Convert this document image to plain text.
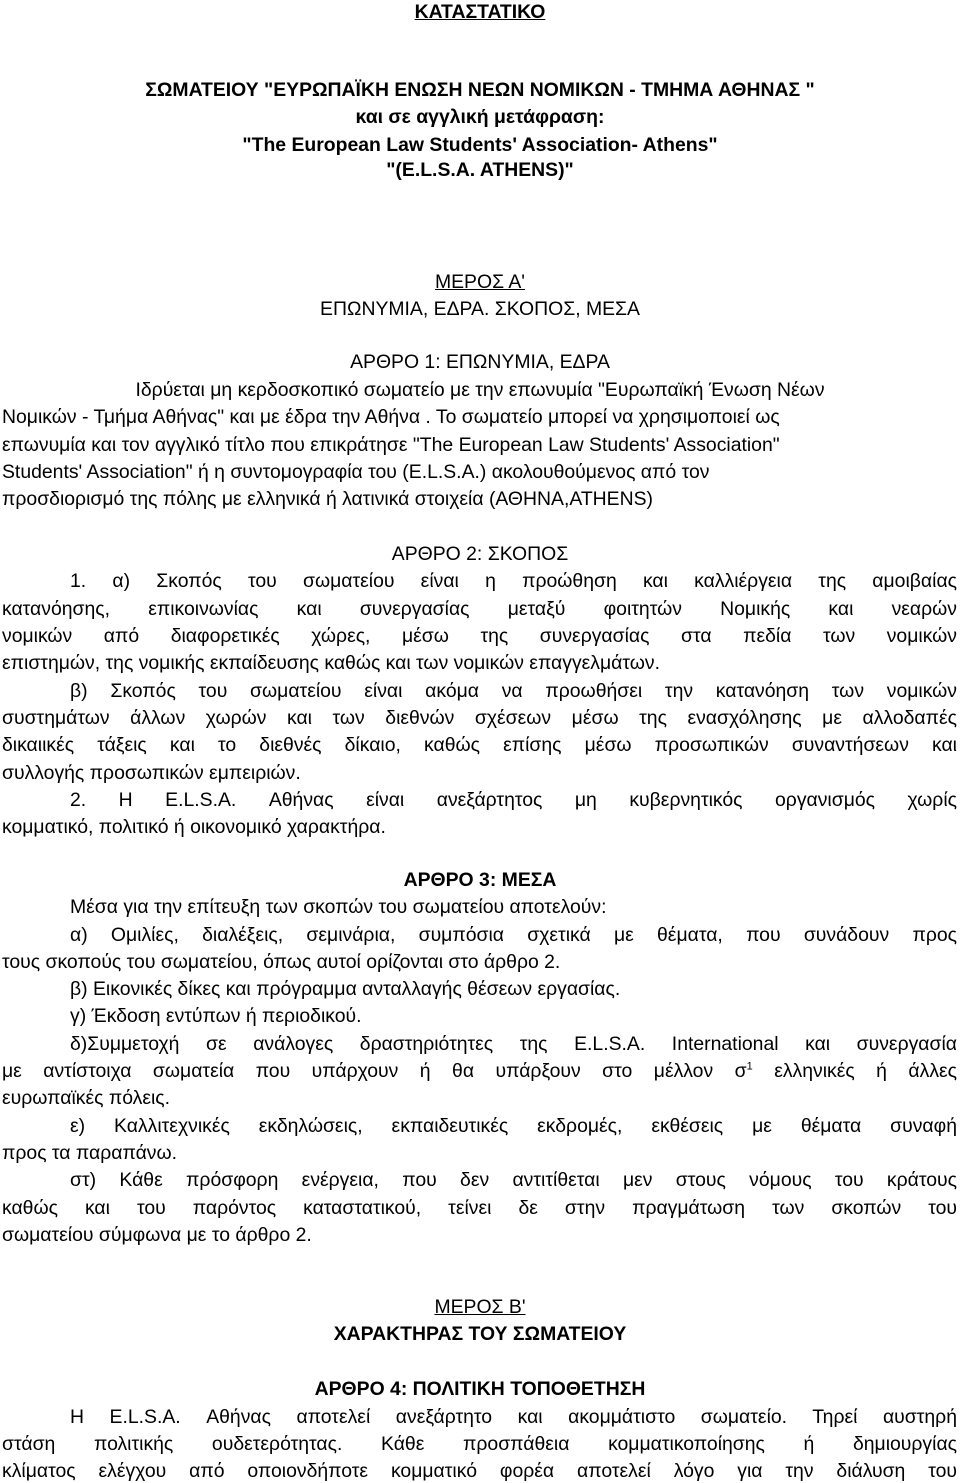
ΚΑΤΑΣΤΑΤΙΚΟ
ΣΩΜΑΤΕΙΟΥ "ΕΥΡΩΠΑΪΚΗ ΕΝΩΣΗ ΝΕΩΝ ΝΟΜΙΚΩΝ - ΤΜΗΜΑ ΑΘΗΝΑΣ "
και σε αγγλική μετάφραση:
"The European Law Students' Association- Athens"
"(E.L.S.A. ATHENS)"
ΜΕΡΟΣ Α'
ΕΠΩΝΥΜΙΑ, ΕΔΡΑ. ΣΚΟΠΟΣ, ΜΕΣΑ
ΑΡΘΡΟ 1: ΕΠΩΝΥΜΙΑ, ΕΔΡΑ
Ιδρύεται μη κερδοσκοπικό σωματείο με την επωνυμία "Ευρωπαϊκή Ένωση Νέων
Νομικών - Τμήμα Αθήνας" και με έδρα την Αθήνα . Το σωματείο μπορεί να χρησιμοποιεί ως
επωνυμία και τον αγγλικό τίτλο που επικράτησε "The European Law Students' Association"
Students' Association" ή η συντομογραφία του (E.L.S.A.) ακολουθούμενος από τον
προσδιορισμό της πόλης με ελληνικά ή λατινικά στοιχεία (ΑΘΗΝΑ,ATHENS)
ΑΡΘΡΟ 2: ΣΚΟΠΟΣ
1. α) Σκοπός του σωματείου είναι η προώθηση και καλλιέργεια της αμοιβαίας
κατανόησης, επικοινωνίας και συνεργασίας μεταξύ φοιτητών Νομικής και νεαρών
νομικών από διαφορετικές χώρες, μέσω της συνεργασίας στα πεδία των νομικών
επιστημών, της νομικής εκπαίδευσης καθώς και των νομικών επαγγελμάτων.
β) Σκοπός του σωματείου είναι ακόμα να προωθήσει την κατανόηση των νομικών
συστημάτων άλλων χωρών και των διεθνών σχέσεων μέσω της ενασχόλησης με αλλοδαπές
δικαιικές τάξεις και το διεθνές δίκαιο, καθώς επίσης μέσω προσωπικών συναντήσεων και
συλλογής προσωπικών εμπειριών.
2. Η E.L.S.A. Αθήνας είναι ανεξάρτητος μη κυβερνητικός οργανισμός χωρίς
κομματικό, πολιτικό ή οικονομικό χαρακτήρα.
ΑΡΘΡΟ 3: ΜΕΣΑ
Μέσα για την επίτευξη των σκοπών του σωματείου αποτελούν:
α) Ομιλίες, διαλέξεις, σεμινάρια, συμπόσια σχετικά με θέματα, που συνάδουν προς
τους σκοπούς του σωματείου, όπως αυτοί ορίζονται στο άρθρο 2.
β) Εικονικές δίκες και πρόγραμμα ανταλλαγής θέσεων εργασίας.
γ) Έκδοση εντύπων ή περιοδικού.
δ)Συμμετοχή σε ανάλογες δραστηριότητες της E.L.S.A. International και συνεργασία
με αντίστοιχα σωματεία που υπάρχουν ή θα υπάρξουν στο μέλλον $\sigma^1$ ελληνικές ή άλλες
ευρωπαϊκές πόλεις.
ε) Καλλιτεχνικές εκδηλώσεις, εκπαιδευτικές εκδρομές, εκθέσεις με θέματα συναφή
προς τα παραπάνω.
στ) Κάθε πρόσφορη ενέργεια, που δεν αντιτίθεται μεν στους νόμους του κράτους
καθώς και του παρόντος καταστατικού, τείνει δε στην πραγμάτωση των σκοπών του
σωματείου σύμφωνα με το άρθρο 2.
ΜΕΡΟΣ Β'
ΧΑΡΑΚΤΗΡΑΣ ΤΟΥ ΣΩΜΑΤΕΙΟΥ
ΑΡΘΡΟ 4: ΠΟΛΙΤΙΚΗ ΤΟΠΟΘΕΤΗΣΗ
Η E.L.S.A. Αθήνας αποτελεί ανεξάρτητο και ακομμάτιστο σωματείο. Τηρεί αυστηρή
στάση πολιτικής ουδετερότητας. Κάθε προσπάθεια κομματικοποίησης ή δημιουργίας
κλίματος ελέγχου από οποιονδήποτε κομματικό φορέα αποτελεί λόγο για την διάλυση του
